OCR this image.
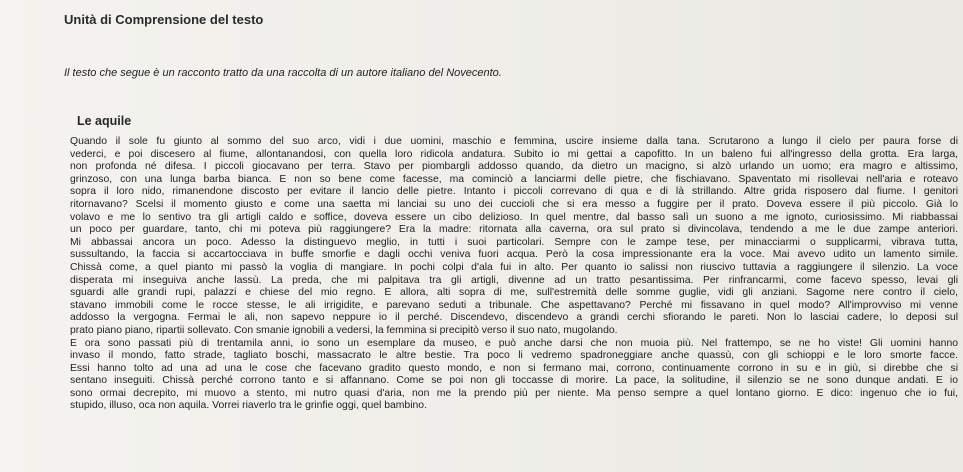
Unità di Comprensione del testo
Il testo che segue è un racconto tratto da una raccolta di un autore italiano del Novecento.
Le aquile
Quando il sole fu giunto al sommo del suo arco, vidi i due uomini, maschio e femmina, uscire insieme dalla tana. Scrutarono a lungo il cielo per paura forse di
vederci, e poi discesero al fiume, allontanandosi, con quella loro ridicola andatura. Subito io mi gettai a capofitto. In un baleno fui all'ingresso della grotta. Era larga,
non profonda né difesa. I piccoli giocavano per terra. Stavo per piombargli addosso quando, da dietro un macigno, si alzò urlando un uomo; era magro e altissimo,
grinzoso, con una lunga barba bianca. E non so bene come facesse, ma cominciò a lanciarmi delle pietre, che fischiavano. Spaventato mi risollevai nell'aria e roteavo
sopra il loro nido, rimanendone discosto per evitare il lancio delle pietre. Intanto i piccoli correvano di qua e di là strillando. Altre grida risposero dal fiume. I genitori
ritornavano? Scelsi il momento giusto e come una saetta mi lanciai su uno dei cuccioli che si era messo a fuggire per il prato. Doveva essere il più piccolo. Già lo
volavo e me lo sentivo tra gli artigli caldo e soffice, doveva essere un cibo delizioso. In quel mentre, dal basso salì un suono a me ignoto, curiosissimo. Mi riabbassai
un poco per guardare, tanto, chi mi poteva più raggiungere? Era la madre: ritornata alla caverna, ora sul prato si divincolava, tendendo a me le due zampe anteriori.
Mi abbassai ancora un poco. Adesso la distinguevo meglio, in tutti i suoi particolari. Sempre con le zampe tese, per minacciarmi o supplicarmi, vibrava tutta,
sussultando, la faccia si accartocciava in buffe smorfie e dagli occhi veniva fuori acqua. Però la cosa impressionante era la voce. Mai avevo udito un lamento simile.
Chissà come, a quel pianto mi passò la voglia di mangiare. In pochi colpi d'ala fui in alto. Per quanto io salissi non riuscivo tuttavia a raggiungere il silenzio. La voce
disperata mi inseguiva anche lassù. La preda, che mi palpitava tra gli artigli, divenne ad un tratto pesantissima. Per rinfrancarmi, come facevo spesso, levai gli
sguardi alle grandi rupi, palazzi e chiese del mio regno. E allora, alti sopra di me, sull'estremità delle somme guglie, vidi gli anziani. Sagome nere contro il cielo,
stavano immobili come le rocce stesse, le ali irrigidite, e parevano seduti a tribunale. Che aspettavano? Perché mi fissavano in quel modo? All'improvviso mi venne
addosso la vergogna. Fermai le ali, non sapevo neppure io il perché. Discendevo, discendevo a grandi cerchi sfiorando le pareti. Non lo lasciai cadere, lo deposi sul
prato piano piano, ripartii sollevato. Con smanie ignobili a vedersi, la femmina si precipitò verso il suo nato, mugolando.
E ora sono passati più di trentamila anni, io sono un esemplare da museo, e può anche darsi che non muoia più. Nel frattempo, se ne ho viste! Gli uomini hanno
invaso il mondo, fatto strade, tagliato boschi, massacrato le altre bestie. Tra poco li vedremo spadroneggiare anche quassù, con gli schioppi e le loro smorte facce.
Essi hanno tolto ad una ad una le cose che facevano gradito questo mondo, e non si fermano mai, corrono, continuamente corrono in su e in giù, si direbbe che si
sentano inseguiti. Chissà perché corrono tanto e si affannano. Come se poi non gli toccasse di morire. La pace, la solitudine, il silenzio se ne sono dunque andati. E io
sono ormai decrepito, mi muovo a stento, mi nutro quasi d'aria, non me la prendo più per niente. Ma penso sempre a quel lontano giorno. E dico: ingenuo che io fui,
stupido, illuso, oca non aquila. Vorrei riaverlo tra le grinfie oggi, quel bambino.
